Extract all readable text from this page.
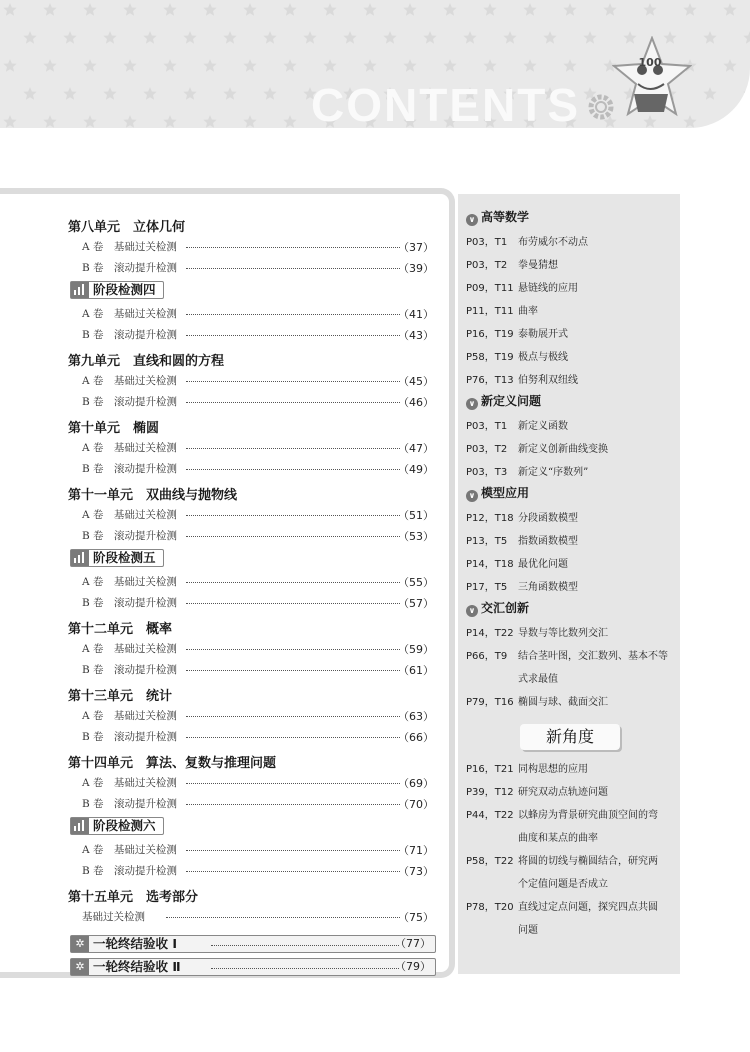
CONTENTS
100
第八单元　立体几何
A 卷　基础过关检测	（37）
B 卷　滚动提升检测	（39）
阶段检测四
A 卷　基础过关检测	（41）
B 卷　滚动提升检测	（43）
第九单元　直线和圆的方程
A 卷　基础过关检测	（45）
B 卷　滚动提升检测	（46）
第十单元　椭圆
A 卷　基础过关检测	（47）
B 卷　滚动提升检测	（49）
第十一单元　双曲线与抛物线
A 卷　基础过关检测	（51）
B 卷　滚动提升检测	（53）
阶段检测五
A 卷　基础过关检测	（55）
B 卷　滚动提升检测	（57）
第十二单元　概率
A 卷　基础过关检测	（59）
B 卷　滚动提升检测	（61）
第十三单元　统计
A 卷　基础过关检测	（63）
B 卷　滚动提升检测	（66）
第十四单元　算法、复数与推理问题
A 卷　基础过关检测	（69）
B 卷　滚动提升检测	（70）
阶段检测六
A 卷　基础过关检测	（71）
B 卷　滚动提升检测	（73）
第十五单元　选考部分
基础过关检测	（75）
✲ 一轮终结验收 Ⅰ	（77）
✲ 一轮终结验收 Ⅱ	（79）
新角度
∨ 高等数学
P03，T1 布劳威尔不动点
P03，T2 拳曼猜想
P09，T11 悬链线的应用
P11，T11 曲率
P16，T19 泰勒展开式
P58，T19 极点与极线
P76，T13 伯努利双纽线
∨ 新定义问题
P03，T1 新定义函数
P03，T2 新定义创新曲线变换
P03，T3 新定义“序数列”
∨ 模型应用
P12，T18 分段函数模型
P13，T5 指数函数模型
P14，T18 最优化问题
P17，T5 三角函数模型
∨ 交汇创新
P14，T22 导数与等比数列交汇
P66，T9 结合茎叶图，交汇数列、基本不等
式求最值
P79，T16 椭圆与球、截面交汇
P16，T21 同构思想的应用
P39，T12 研究双动点轨迹问题
P44，T22 以蜂房为背景研究曲顶空间的弯
曲度和某点的曲率
P58，T22 将圆的切线与椭圆结合，研究两
个定值问题是否成立
P78，T20 直线过定点问题，探究四点共圆
问题
